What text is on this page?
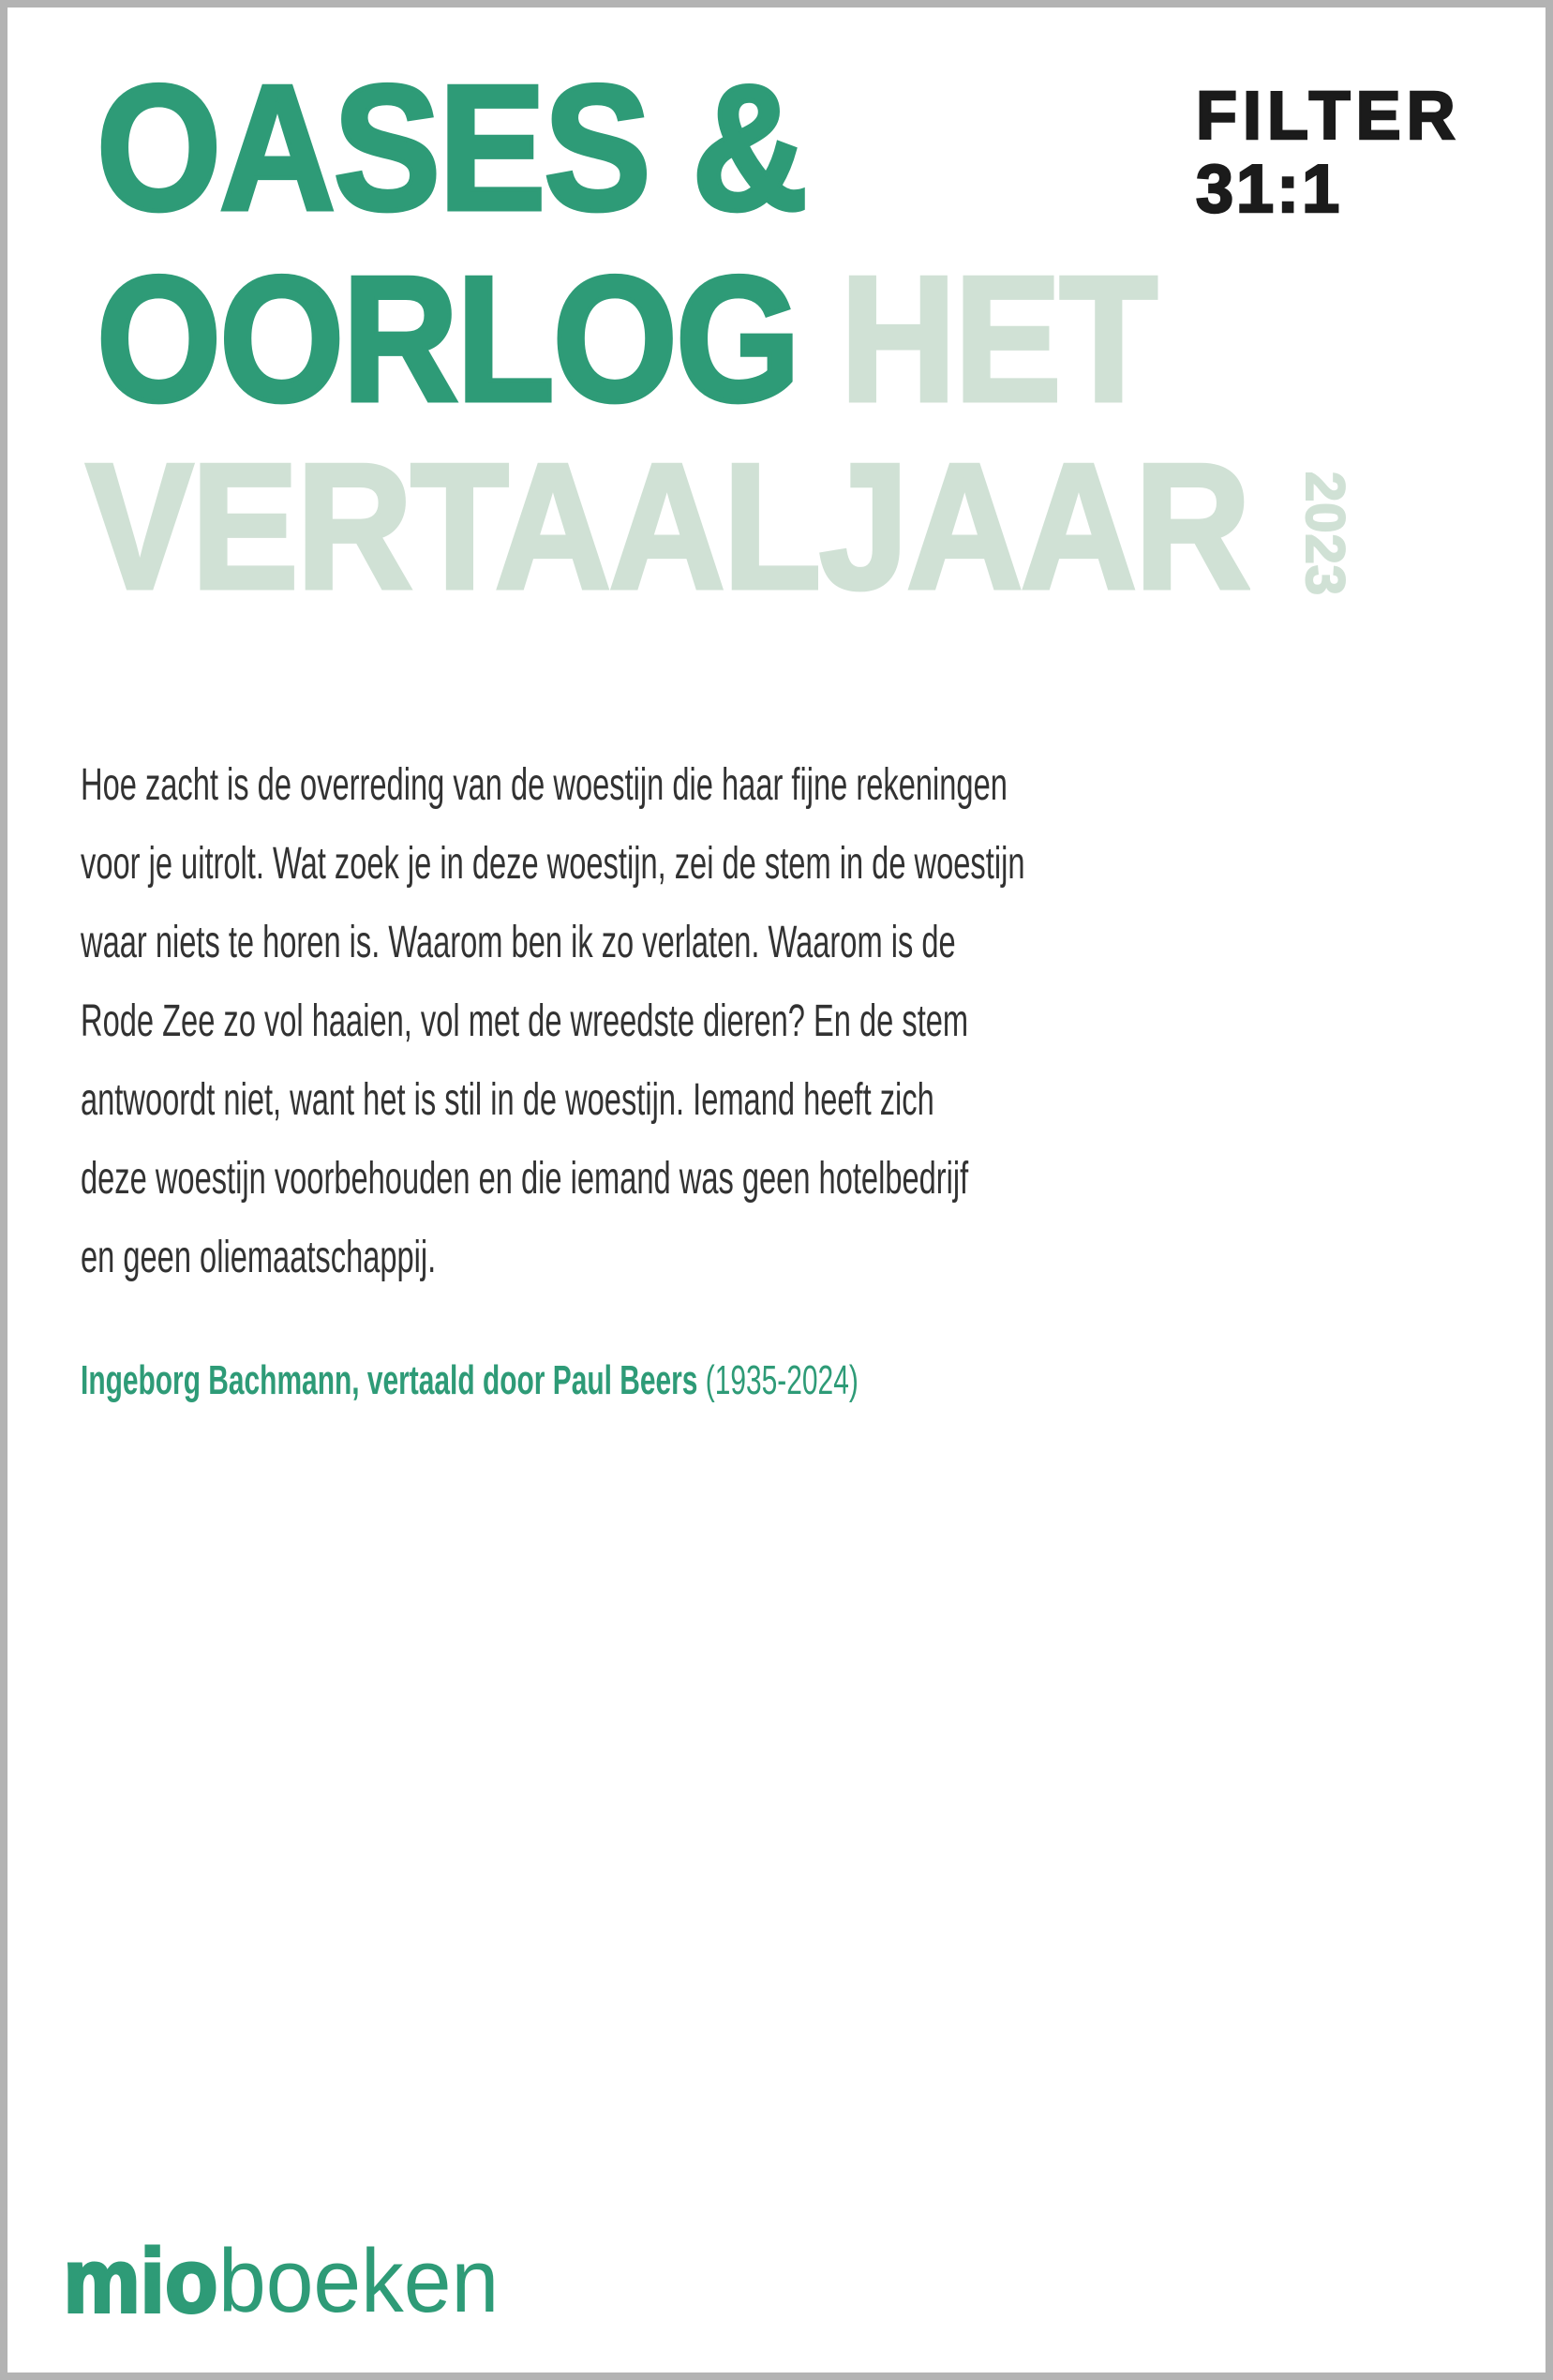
FILTER
31:1
OASES &
OORLOG HET
VERTAALJAAR 2023
Hoe zacht is de overreding van de woestijn die haar fijne rekeningen
voor je uitrolt. Wat zoek je in deze woestijn, zei de stem in de woestijn
waar niets te horen is. Waarom ben ik zo verlaten. Waarom is de
Rode Zee zo vol haaien, vol met de wreedste dieren? En de stem
antwoordt niet, want het is stil in de woestijn. Iemand heeft zich
deze woestijn voorbehouden en die iemand was geen hotelbedrijf
en geen oliemaatschappij.
Ingeborg Bachmann, vertaald door Paul Beers (1935-2024)
mioboeken
